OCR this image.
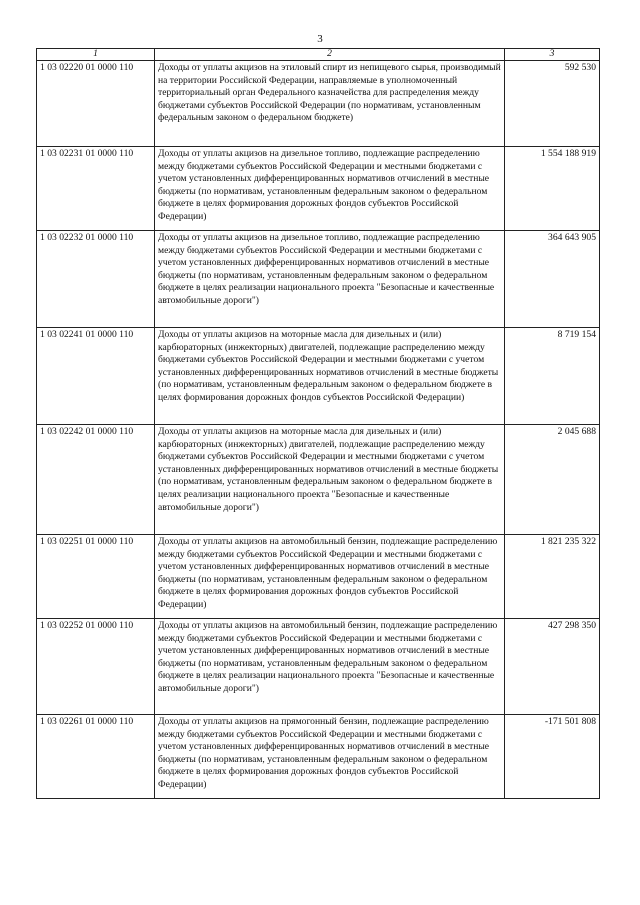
3
1	2	3
1 03 02220 01 0000 110	Доходы от уплаты акцизов на этиловый спирт из непищевого сырья, производимый на территории Российской Федерации, направляемые в уполномоченный территориальный орган Федерального казначейства для распределения между бюджетами субъектов Российской Федерации (по нормативам, установленным федеральным законом о федеральном бюджете)	592 530
1 03 02231 01 0000 110	Доходы от уплаты акцизов на дизельное топливо, подлежащие распределению между бюджетами субъектов Российской Федерации и местными бюджетами с учетом установленных дифференцированных нормативов отчислений в местные бюджеты (по нормативам, установленным федеральным законом о федеральном бюджете в целях формирования дорожных фондов субъектов Российской Федерации)	1 554 188 919
1 03 02232 01 0000 110	Доходы от уплаты акцизов на дизельное топливо, подлежащие распределению между бюджетами субъектов Российской Федерации и местными бюджетами с учетом установленных дифференцированных нормативов отчислений в местные бюджеты (по нормативам, установленным федеральным законом о федеральном бюджете в целях реализации национального проекта "Безопасные и качественные автомобильные дороги")	364 643 905
1 03 02241 01 0000 110	Доходы от уплаты акцизов на моторные масла для дизельных и (или) карбюраторных (инжекторных) двигателей, подлежащие распределению между бюджетами субъектов Российской Федерации и местными бюджетами с учетом установленных дифференцированных нормативов отчислений в местные бюджеты (по нормативам, установленным федеральным законом о федеральном бюджете в целях формирования дорожных фондов субъектов Российской Федерации)	8 719 154
1 03 02242 01 0000 110	Доходы от уплаты акцизов на моторные масла для дизельных и (или) карбюраторных (инжекторных) двигателей, подлежащие распределению между бюджетами субъектов Российской Федерации и местными бюджетами с учетом установленных дифференцированных нормативов отчислений в местные бюджеты (по нормативам, установленным федеральным законом о федеральном бюджете в целях реализации национального проекта "Безопасные и качественные автомобильные дороги")	2 045 688
1 03 02251 01 0000 110	Доходы от уплаты акцизов на автомобильный бензин, подлежащие распределению между бюджетами субъектов Российской Федерации и местными бюджетами с учетом установленных дифференцированных нормативов отчислений в местные бюджеты (по нормативам, установленным федеральным законом о федеральном бюджете в целях формирования дорожных фондов субъектов Российской Федерации)	1 821 235 322
1 03 02252 01 0000 110	Доходы от уплаты акцизов на автомобильный бензин, подлежащие распределению между бюджетами субъектов Российской Федерации и местными бюджетами с учетом установленных дифференцированных нормативов отчислений в местные бюджеты (по нормативам, установленным федеральным законом о федеральном бюджете в целях реализации национального проекта "Безопасные и качественные автомобильные дороги")	427 298 350
1 03 02261 01 0000 110	Доходы от уплаты акцизов на прямогонный бензин, подлежащие распределению между бюджетами субъектов Российской Федерации и местными бюджетами с учетом установленных дифференцированных нормативов отчислений в местные бюджеты (по нормативам, установленным федеральным законом о федеральном бюджете в целях формирования дорожных фондов субъектов Российской Федерации)	-171 501 808
